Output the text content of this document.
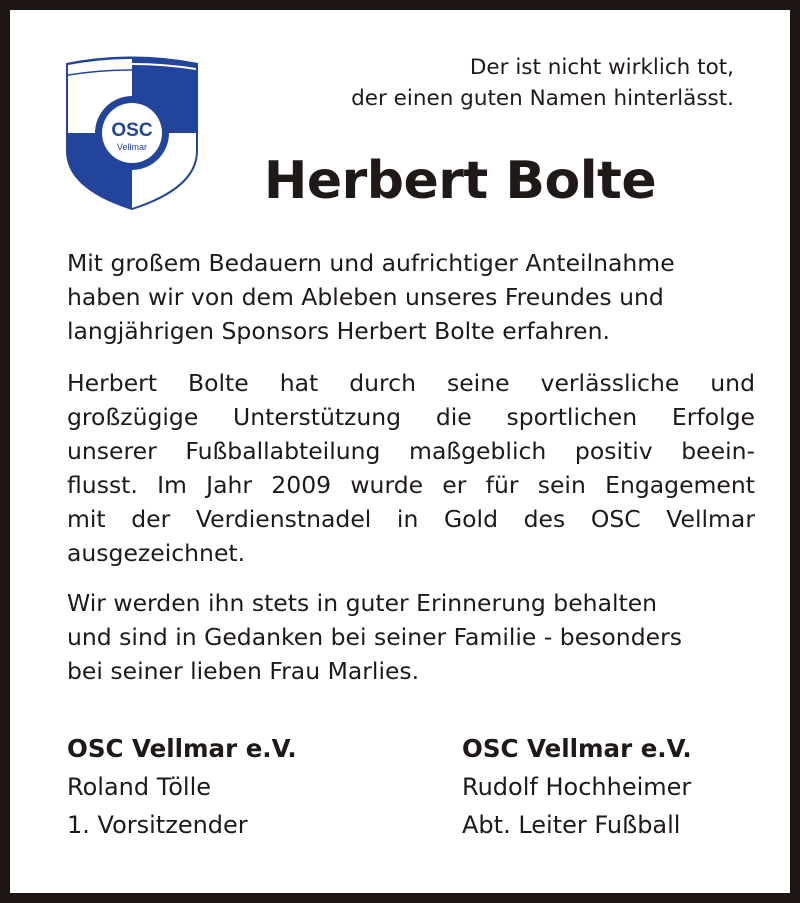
OSC
Vellmar
Der ist nicht wirklich tot,
der einen guten Namen hinterlässt.
Herbert Bolte
Mit großem Bedauern und aufrichtiger Anteilnahme
haben wir von dem Ableben unseres Freundes und
langjährigen Sponsors Herbert Bolte erfahren.
Herbert Bolte hat durch seine verlässliche und
großzügige Unterstützung die sportlichen Erfolge
unserer Fußballabteilung maßgeblich positiv beein-
flusst. Im Jahr 2009 wurde er für sein Engagement
mit der Verdienstnadel in Gold des OSC Vellmar
ausgezeichnet.
Wir werden ihn stets in guter Erinnerung behalten
und sind in Gedanken bei seiner Familie - besonders
bei seiner lieben Frau Marlies.
OSC Vellmar e.V.
Roland Tölle
1. Vorsitzender
OSC Vellmar e.V.
Rudolf Hochheimer
Abt. Leiter Fußball
